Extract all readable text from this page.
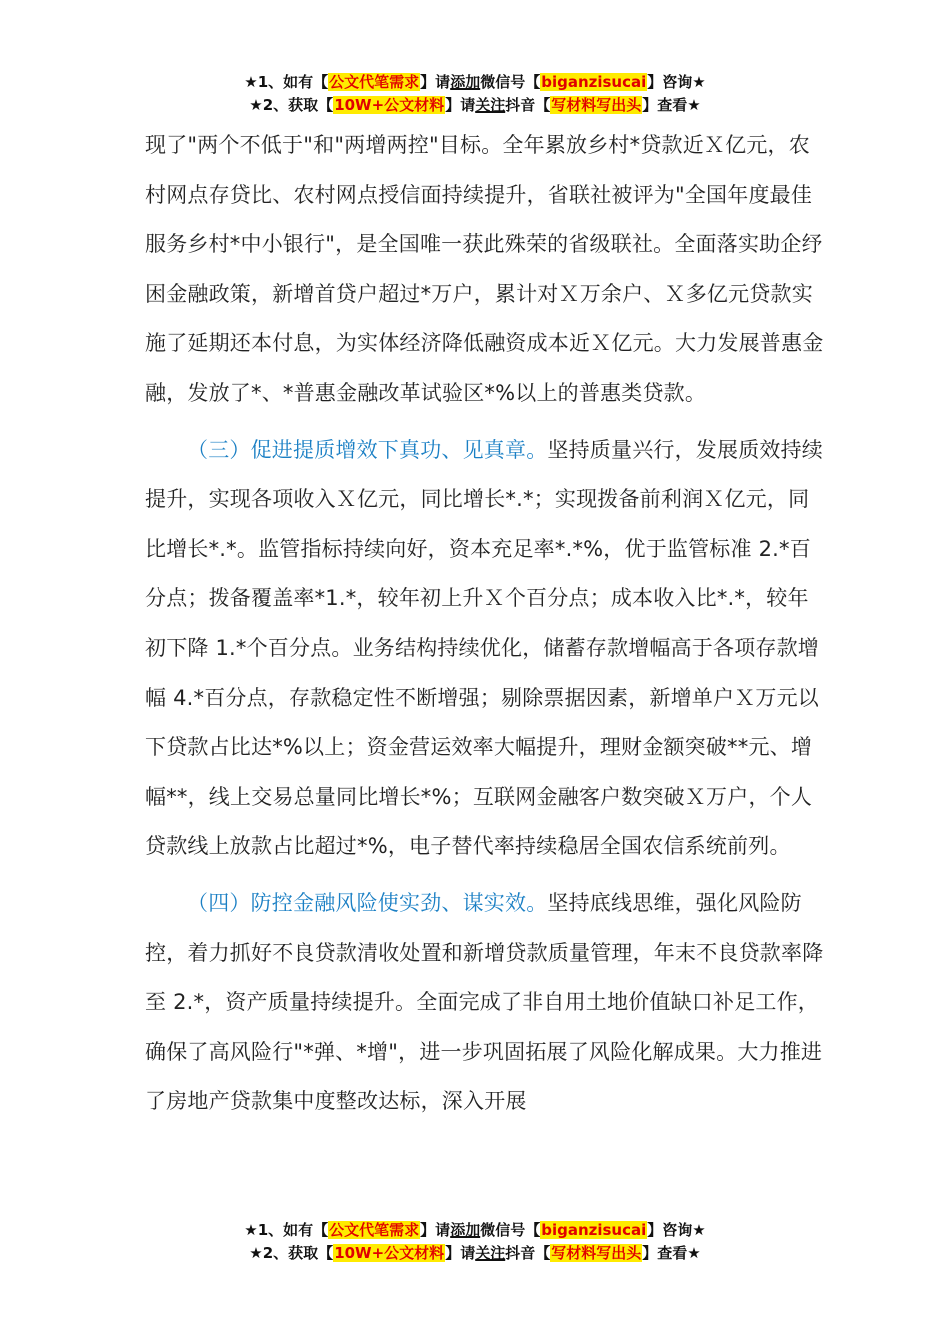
★1、如有【公文代笔需求】请添加微信号【biganzisucai】咨询★
★2、获取【10W+公文材料】请关注抖音【写材料写出头】查看★

现了"两个不低于"和"两增两控"目标。全年累放乡村*贷款近Ｘ亿元，农村网点存贷比、农村网点授信面持续提升，省联社被评为"全国年度最佳服务乡村*中小银行"，是全国唯一获此殊荣的省级联社。全面落实助企纾困金融政策，新增首贷户超过*万户，累计对Ｘ万余户、Ｘ多亿元贷款实施了延期还本付息，为实体经济降低融资成本近Ｘ亿元。大力发展普惠金融，发放了*、*普惠金融改革试验区*%以上的普惠类贷款。

（三）促进提质增效下真功、见真章。坚持质量兴行，发展质效持续提升，实现各项收入Ｘ亿元，同比增长*.*；实现拨备前利润Ｘ亿元，同比增长*.*。监管指标持续向好，资本充足率*.*%，优于监管标准 2.*百分点；拨备覆盖率*1.*，较年初上升Ｘ个百分点；成本收入比*.*，较年初下降 1.*个百分点。业务结构持续优化，储蓄存款增幅高于各项存款增幅 4.*百分点，存款稳定性不断增强；剔除票据因素，新增单户Ｘ万元以下贷款占比达*%以上；资金营运效率大幅提升，理财金额突破**元、增幅**，线上交易总量同比增长*%；互联网金融客户数突破Ｘ万户，个人贷款线上放款占比超过*%，电子替代率持续稳居全国农信系统前列。

（四）防控金融风险使实劲、谋实效。坚持底线思维，强化风险防控，着力抓好不良贷款清收处置和新增贷款质量管理，年末不良贷款率降至 2.*，资产质量持续提升。全面完成了非自用土地价值缺口补足工作，确保了高风险行"*弹、*增"，进一步巩固拓展了风险化解成果。大力推进了房地产贷款集中度整改达标，深入开展

★1、如有【公文代笔需求】请添加微信号【biganzisucai】咨询★
★2、获取【10W+公文材料】请关注抖音【写材料写出头】查看★
